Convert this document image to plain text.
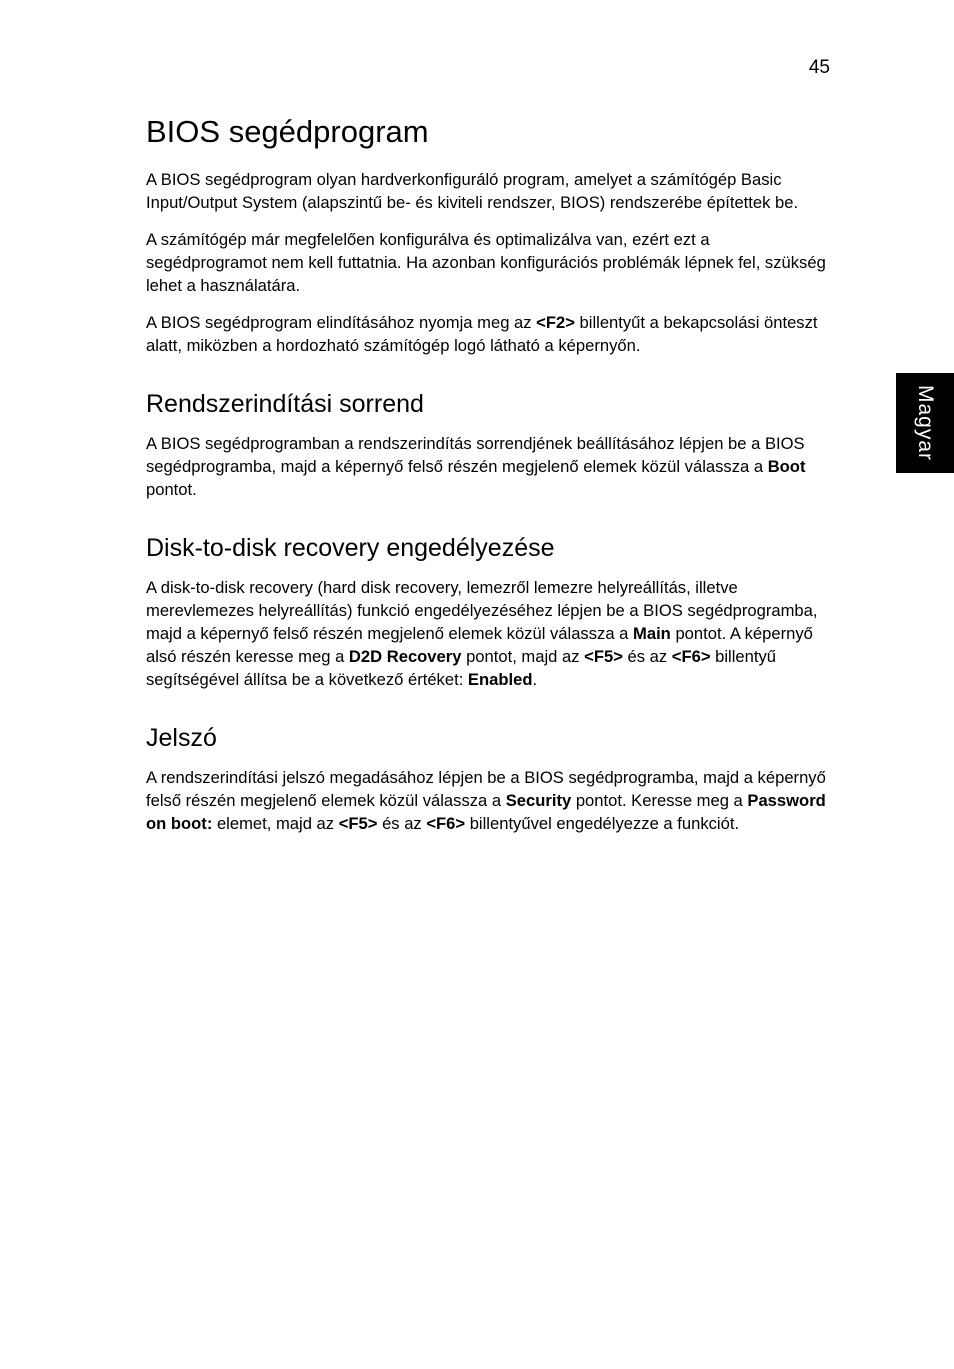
45
Magyar
BIOS segédprogram

A BIOS segédprogram olyan hardverkonfiguráló program, amelyet a számítógép Basic Input/Output System (alapszintű be- és kiviteli rendszer, BIOS) rendszerébe építettek be.

A számítógép már megfelelően konfigurálva és optimalizálva van, ezért ezt a segédprogramot nem kell futtatnia. Ha azonban konfigurációs problémák lépnek fel, szükség lehet a használatára.

A BIOS segédprogram elindításához nyomja meg az <F2> billentyűt a bekapcsolási önteszt alatt, miközben a hordozható számítógép logó látható a képernyőn.

Rendszerindítási sorrend

A BIOS segédprogramban a rendszerindítás sorrendjének beállításához lépjen be a BIOS segédprogramba, majd a képernyő felső részén megjelenő elemek közül válassza a Boot pontot.

Disk-to-disk recovery engedélyezése

A disk-to-disk recovery (hard disk recovery, lemezről lemezre helyreállítás, illetve merevlemezes helyreállítás) funkció engedélyezéséhez lépjen be a BIOS segédprogramba, majd a képernyő felső részén megjelenő elemek közül válassza a Main pontot. A képernyő alsó részén keresse meg a D2D Recovery pontot, majd az <F5> és az <F6> billentyű segítségével állítsa be a következő értéket: Enabled.

Jelszó

A rendszerindítási jelszó megadásához lépjen be a BIOS segédprogramba, majd a képernyő felső részén megjelenő elemek közül válassza a Security pontot. Keresse meg a Password on boot: elemet, majd az <F5> és az <F6> billentyűvel engedélyezze a funkciót.
